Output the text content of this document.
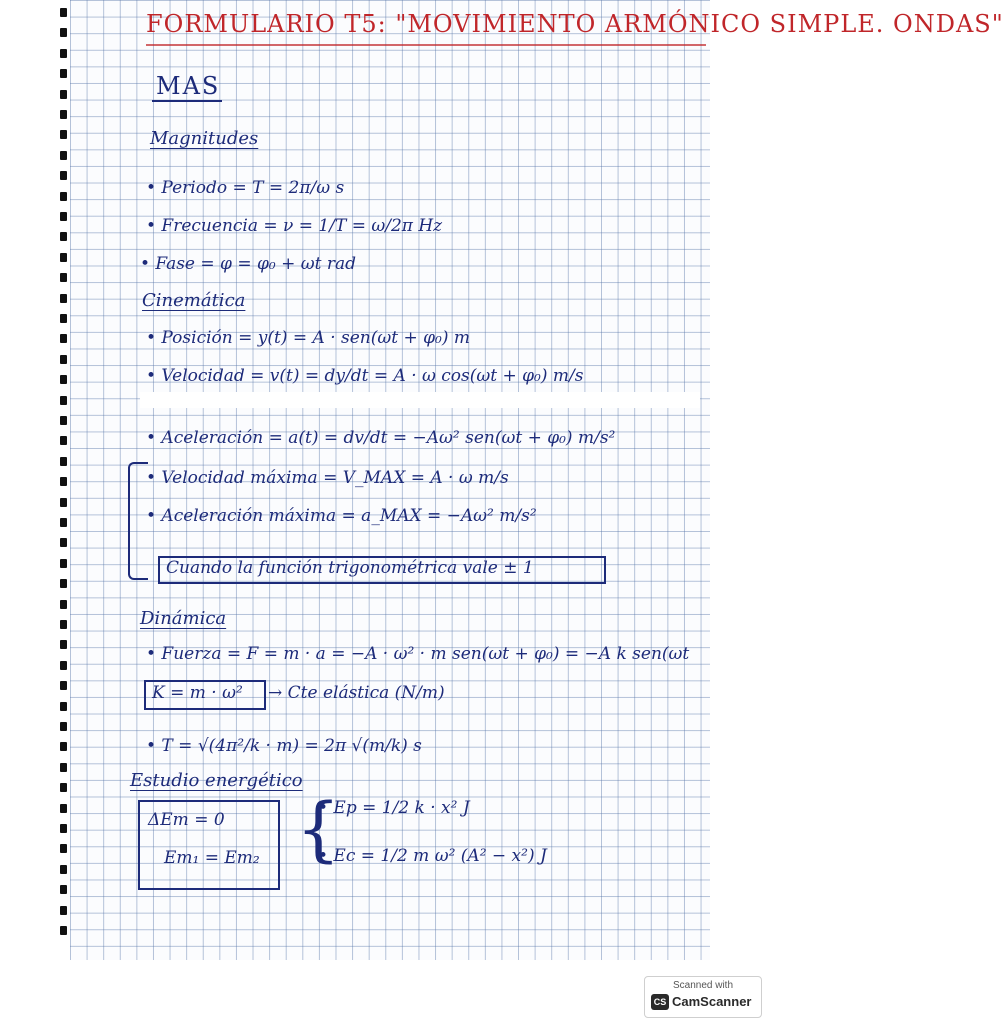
FORMULARIO T5: "MOVIMIENTO ARMÓNICO SIMPLE. ONDAS"
MAS
Magnitudes
• Periodo = T = 2π/ω s
• Frecuencia = ν = 1/T = ω/2π Hz
• Fase = φ = φ₀ + ωt rad
Cinemática
• Posición = y(t) = A · sen(ωt + φ₀) m
• Velocidad = v(t) = dy/dt = A · ω cos(ωt + φ₀) m/s
• Aceleración = a(t) = dv/dt = −Aω² sen(ωt + φ₀) m/s²
• Velocidad máxima = V_MAX = A · ω m/s
• Aceleración máxima = a_MAX = −Aω² m/s²
Cuando la función trigonométrica vale ± 1
Dinámica
• Fuerza = F = m · a = −A · ω² · m sen(ωt + φ₀) = −A k sen(ωt
K = m · ω² → Cte elástica (N/m)
• T = √(4π²/k · m) = 2π √(m/k) s
Estudio energético
ΔEm = 0
Em₁ = Em₂ {
• Ep = 1/2 k · x² J
• Ec = 1/2 m ω² (A² − x²) J
Scanned with
CS CamScanner
